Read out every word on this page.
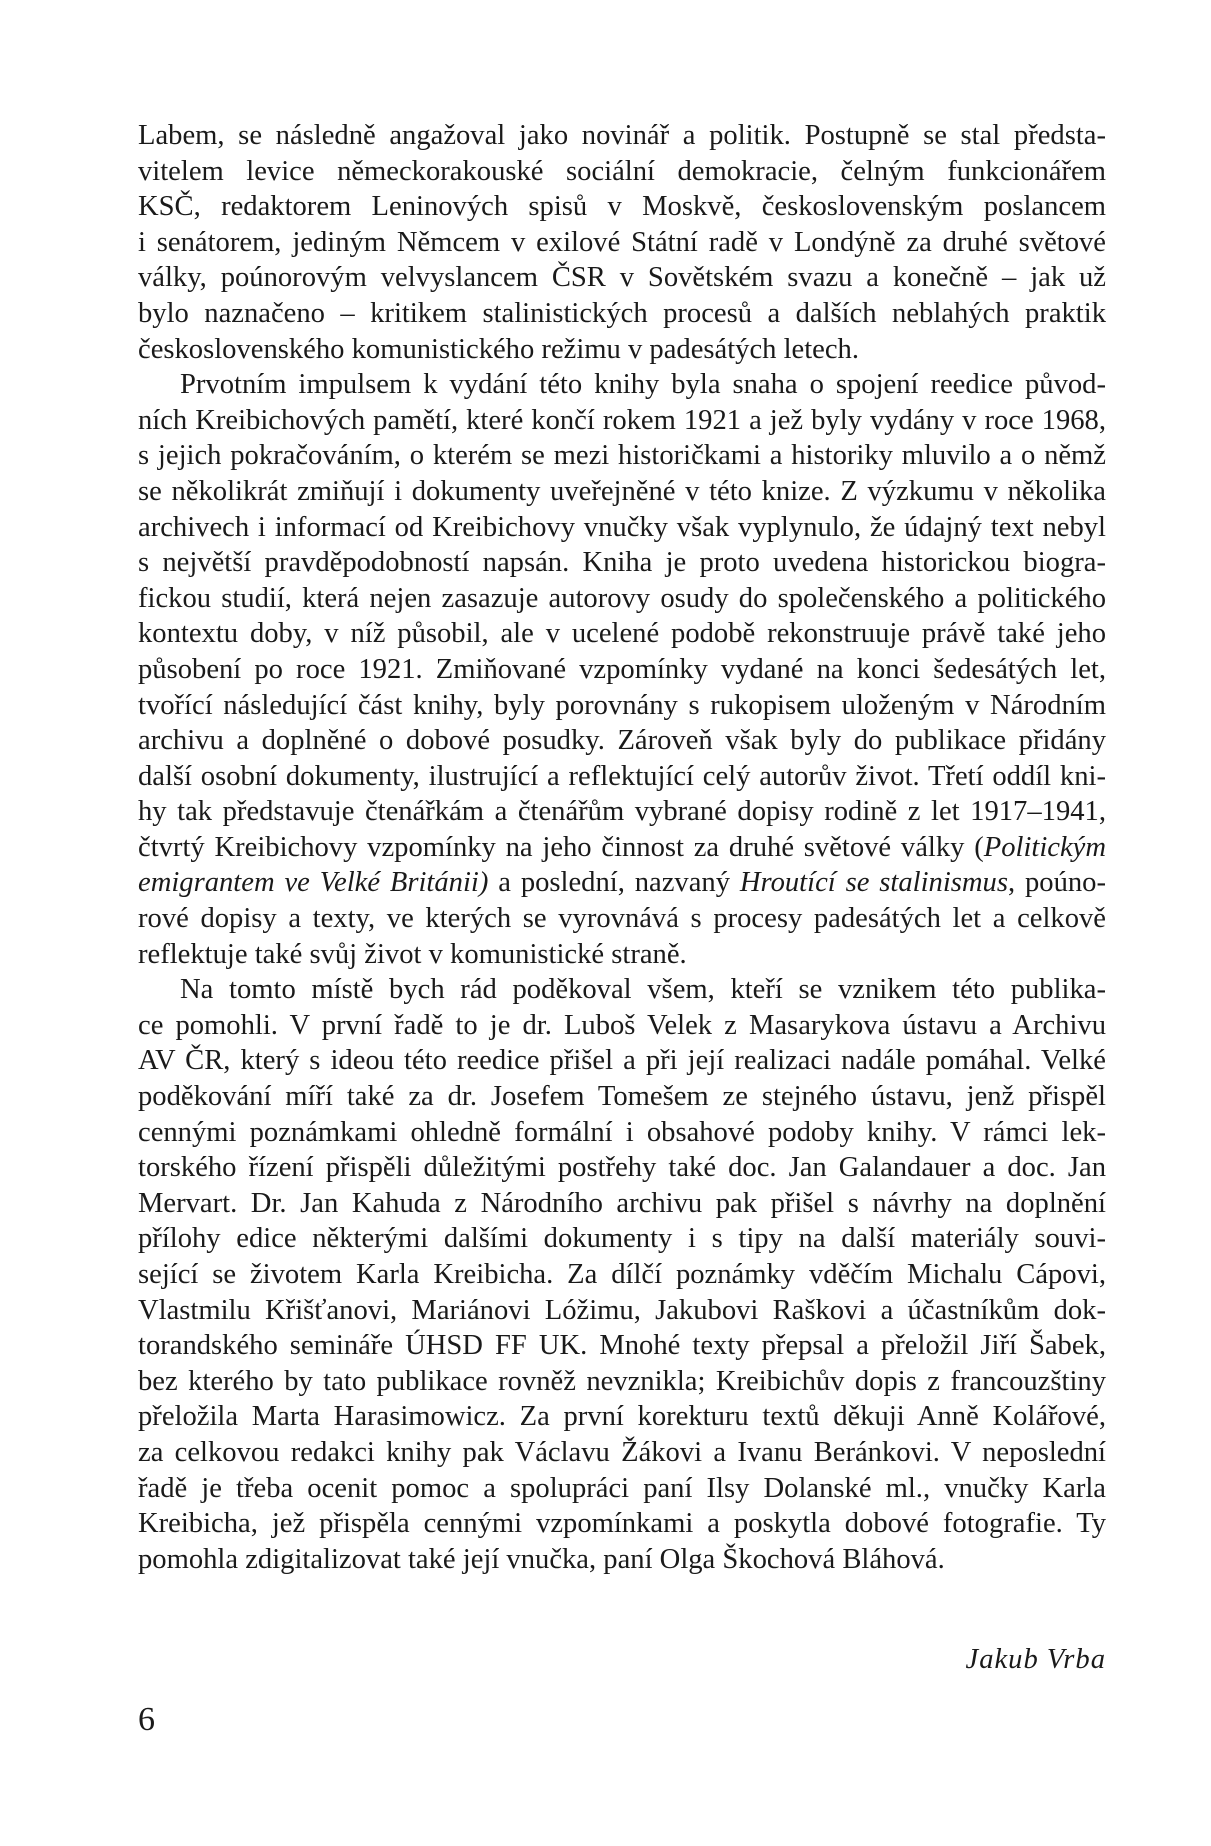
Labem, se následně angažoval jako novinář a politik. Postupně se stal předsta-
vitelem levice německorakouské sociální demokracie, čelným funkcionářem
KSČ, redaktorem Leninových spisů v Moskvě, československým poslancem
i senátorem, jediným Němcem v exilové Státní radě v Londýně za druhé světové
války, poúnorovým velvyslancem ČSR v Sovětském svazu a konečně – jak už
bylo naznačeno – kritikem stalinistických procesů a dalších neblahých praktik
československého komunistického režimu v padesátých letech.
Prvotním impulsem k vydání této knihy byla snaha o spojení reedice původ-
ních Kreibichových pamětí, které končí rokem 1921 a jež byly vydány v roce 1968,
s jejich pokračováním, o kterém se mezi historičkami a historiky mluvilo a o němž
se několikrát zmiňují i dokumenty uveřejněné v této knize. Z výzkumu v několika
archivech i informací od Kreibichovy vnučky však vyplynulo, že údajný text nebyl
s největší pravděpodobností napsán. Kniha je proto uvedena historickou biogra-
fickou studií, která nejen zasazuje autorovy osudy do společenského a politického
kontextu doby, v níž působil, ale v ucelené podobě rekonstruuje právě také jeho
působení po roce 1921. Zmiňované vzpomínky vydané na konci šedesátých let,
tvořící následující část knihy, byly porovnány s rukopisem uloženým v Národním
archivu a doplněné o dobové posudky. Zároveň však byly do publikace přidány
další osobní dokumenty, ilustrující a reflektující celý autorův život. Třetí oddíl kni-
hy tak představuje čtenářkám a čtenářům vybrané dopisy rodině z let 1917–1941,
čtvrtý Kreibichovy vzpomínky na jeho činnost za druhé světové války (Politickým
emigrantem ve Velké Británii) a poslední, nazvaný Hroutící se stalinismus, poúno-
rové dopisy a texty, ve kterých se vyrovnává s procesy padesátých let a celkově
reflektuje také svůj život v komunistické straně.
Na tomto místě bych rád poděkoval všem, kteří se vznikem této publika-
ce pomohli. V první řadě to je dr. Luboš Velek z Masarykova ústavu a Archivu
AV ČR, který s ideou této reedice přišel a při její realizaci nadále pomáhal. Velké
poděkování míří také za dr. Josefem Tomešem ze stejného ústavu, jenž přispěl
cennými poznámkami ohledně formální i obsahové podoby knihy. V rámci lek-
torského řízení přispěli důležitými postřehy také doc. Jan Galandauer a doc. Jan
Mervart. Dr. Jan Kahuda z Národního archivu pak přišel s návrhy na doplnění
přílohy edice některými dalšími dokumenty i s tipy na další materiály souvi-
sející se životem Karla Kreibicha. Za dílčí poznámky vděčím Michalu Cápovi,
Vlastmilu Křišťanovi, Mariánovi Lóžimu, Jakubovi Raškovi a účastníkům dok-
torandského semináře ÚHSD FF UK. Mnohé texty přepsal a přeložil Jiří Šabek,
bez kterého by tato publikace rovněž nevznikla; Kreibichův dopis z francouzštiny
přeložila Marta Harasimowicz. Za první korekturu textů děkuji Anně Kolářové,
za celkovou redakci knihy pak Václavu Žákovi a Ivanu Beránkovi. V neposlední
řadě je třeba ocenit pomoc a spolupráci paní Ilsy Dolanské ml., vnučky Karla
Kreibicha, jež přispěla cennými vzpomínkami a poskytla dobové fotografie. Ty
pomohla zdigitalizovat také její vnučka, paní Olga Škochová Bláhová.
Jakub Vrba
6
